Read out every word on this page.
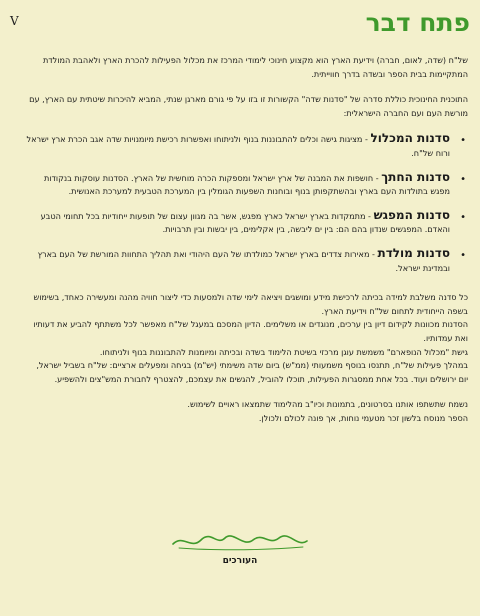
V	פתח דבר

של"ח (שדה, לאום, חברה) וידיעת הארץ הוא מקצוע חינוכי לימודי המרכז את מכלול הפעילות להכרת הארץ ולאהבת המולדת המתקיימות בבית הספר ובשדה בדרך חווייתית.

התוכנית החינוכית כוללת סדרה של "סדנות שדה" הקשורות זו בזו על פי גורם מארגן שנתי, המביא להיכרות שיטתית עם הארץ, עם מורשת העם ועם החברה הישראלית:

•
סדנות המכלול - מציגות גישה וכלים להתבוננות בנוף ולניתוחו ואפשרות רכישת מיומנויות שדה אגב הכרת ארץ ישראל ורוח של"ח.
•
סדנות החתך - חושפות את המבנה של ארץ ישראל ומספקות הכרה מוחשית של הארץ. הסדנות עוסקות בנקודות מפגש בתולדות העם בארץ ובהשתקפותן בנוף ובוחנות השפעות הגומלין בין המערכת הטבעית למערכת האנושית.
•
סדנות המפגש - מתמקדות בארץ ישראל כארץ מפגש, אשר בה מגוון עצום של תופעות ייחודיות בכל תחומי הטבע והאדם. המפגשים שנדון בהם הם: בין ים ליבשה, בין אקלימים, בין יבשות ובין תרבויות.
•
סדנות מולדת - מאירות צדדים בארץ ישראל כמולדתו של העם היהודי ואת תהליך התחוות המורשת של העם בארץ ובמדינת ישראל.

כל סדנה משלבת למידה בכיתה לרכישת מידע ומושגים ויציאה לימי שדה ולמסעות כדי ליצור חוויה מהנה ומעשירה כאחד, בשימוש בשפה הייחודית לתחום של"ח וידיעת הארץ.

הסדנות מכוונות לקידום דיון בין ערכים, מנוגדים או משלימים. הדיון המסכם במעגל של"ח מאפשר לכל משתתף להביע את דעותיו ואת עמדותיו.

גישת "מכלול הנופארם" משמשת עוגן מרכזי בשיטת הלימוד בשדה ובכיתה ומיומנות להתבוננות בנוף ולניתוחו.

במהלך פעילות של"ח, תתנסו בנוסף משמעותי (ממ"ש) ביום שדה משימתי (יש"מ) בגיחה ומפעלים ארציים: של"ח בשביל ישראל, יום ירושלים ועוד. בכל אחת ממסגרות הפעילות, תוכלו להוביל, להגשים את עצמכם, להצטרף לחבורת המש"צים ולהשפיע.

נשמח שתשתפו אותנו בסרטונים, בתמונות וכיו"ב מהלימוד שתמצאו ראויים לשימוש.

הספר מנוסח בלשון זכר מטעמי נוחות, אך פונה לכולם ולכולן.

העורכים
